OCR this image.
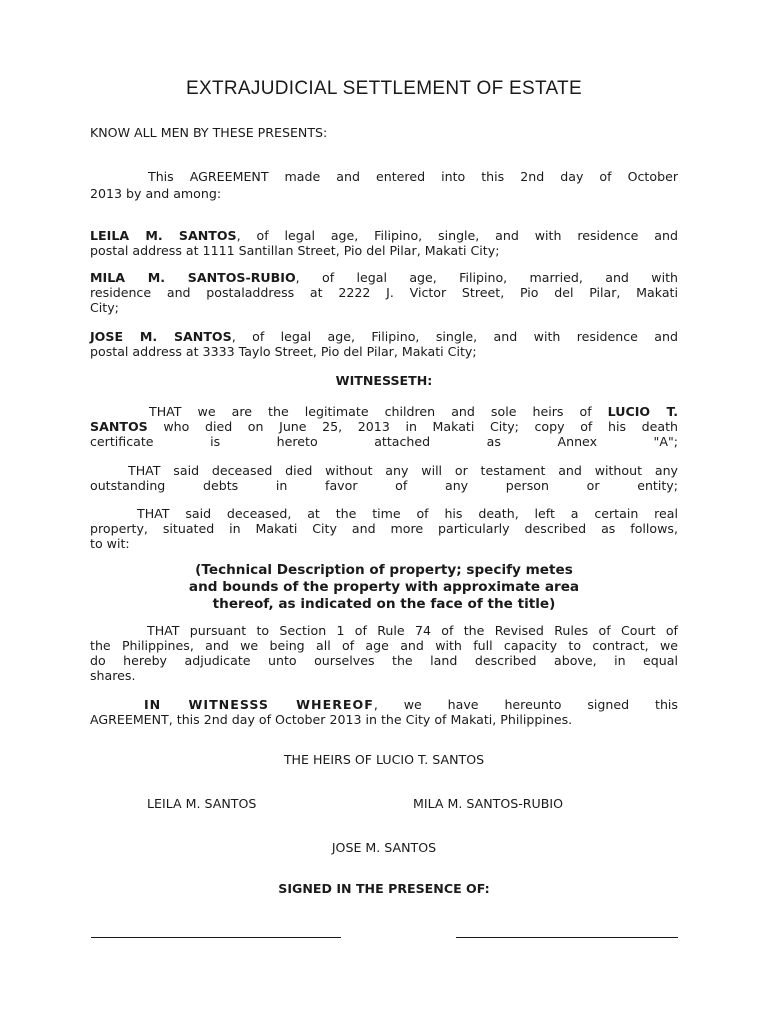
EXTRAJUDICIAL SETTLEMENT OF ESTATE
KNOW ALL MEN BY THESE PRESENTS:
This AGREEMENT made and entered into this 2nd day of October
2013 by and among:
LEILA M. SANTOS, of legal age, Filipino, single, and with residence and
postal address at 1111 Santillan Street, Pio del Pilar, Makati City;
MILA M. SANTOS-RUBIO, of legal age, Filipino, married, and with
residence and postaladdress at 2222 J. Victor Street, Pio del Pilar, Makati
City;
JOSE M. SANTOS, of legal age, Filipino, single, and with residence and
postal address at 3333 Taylo Street, Pio del Pilar, Makati City;
WITNESSETH:
THAT we are the legitimate children and sole heirs of LUCIO T.
SANTOS who died on June 25, 2013 in Makati City; copy of his death
certificate is hereto attached as Annex "A";
THAT said deceased died without any will or testament and without any
outstanding debts in favor of any person or entity;
THAT said deceased, at the time of his death, left a certain real
property, situated in Makati City and more particularly described as follows,
to wit:
(Technical Description of property; specify metes
and bounds of the property with approximate area
thereof, as indicated on the face of the title)
THAT pursuant to Section 1 of Rule 74 of the Revised Rules of Court of
the Philippines, and we being all of age and with full capacity to contract, we
do hereby adjudicate unto ourselves the land described above, in equal
shares.
IN WITNESSS WHEREOF, we have hereunto signed this
AGREEMENT, this 2nd day of October 2013 in the City of Makati, Philippines.
THE HEIRS OF LUCIO T. SANTOS
LEILA M. SANTOS	MILA M. SANTOS-RUBIO
JOSE M. SANTOS
SIGNED IN THE PRESENCE OF:
